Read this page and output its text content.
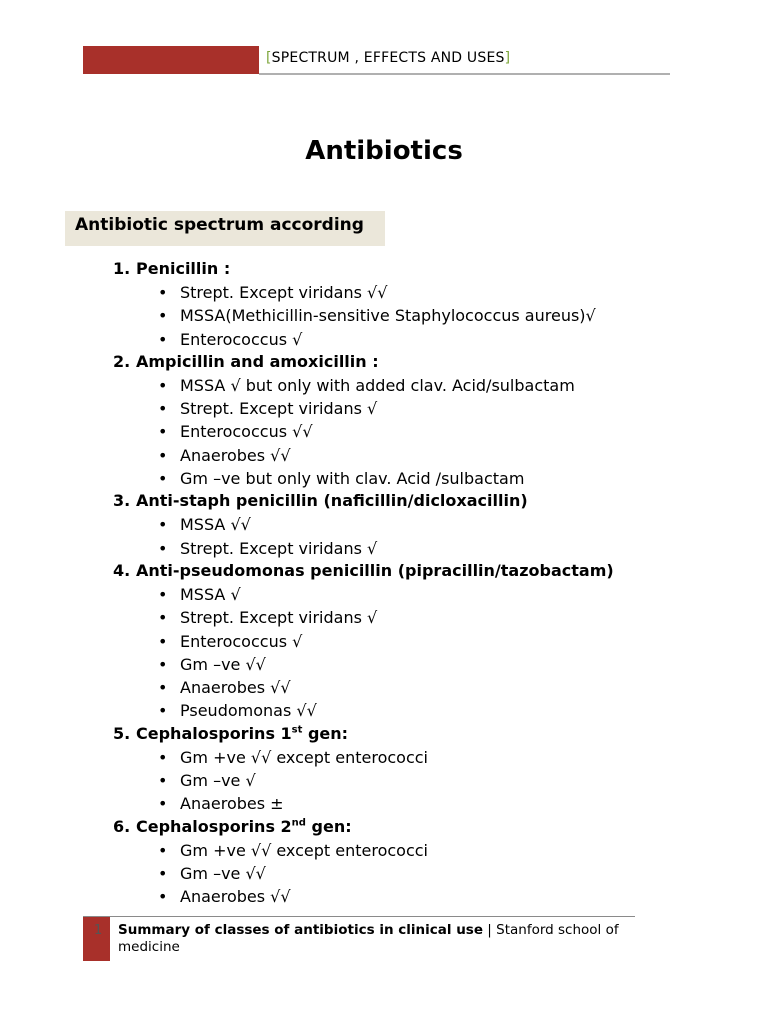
[SPECTRUM , EFFECTS AND USES]
Antibiotics
Antibiotic spectrum according
1. Penicillin :
• Strept. Except viridans √√
• MSSA(Methicillin-sensitive Staphylococcus aureus)√
• Enterococcus √
2. Ampicillin and amoxicillin :
• MSSA √ but only with added clav. Acid/sulbactam
• Strept. Except viridans √
• Enterococcus √√
• Anaerobes √√
• Gm –ve but only with clav. Acid /sulbactam
3. Anti-staph penicillin (naficillin/dicloxacillin)
• MSSA √√
• Strept. Except viridans √
4. Anti-pseudomonas penicillin (pipracillin/tazobactam)
• MSSA √
• Strept. Except viridans √
• Enterococcus √
• Gm –ve √√
• Anaerobes √√
• Pseudomonas √√
5. Cephalosporins 1st gen:
• Gm +ve √√ except enterococci
• Gm –ve √
• Anaerobes ±
6. Cephalosporins 2nd gen:
• Gm +ve √√ except enterococci
• Gm –ve √√
• Anaerobes √√
1 Summary of classes of antibiotics in clinical use | Stanford school of medicine
